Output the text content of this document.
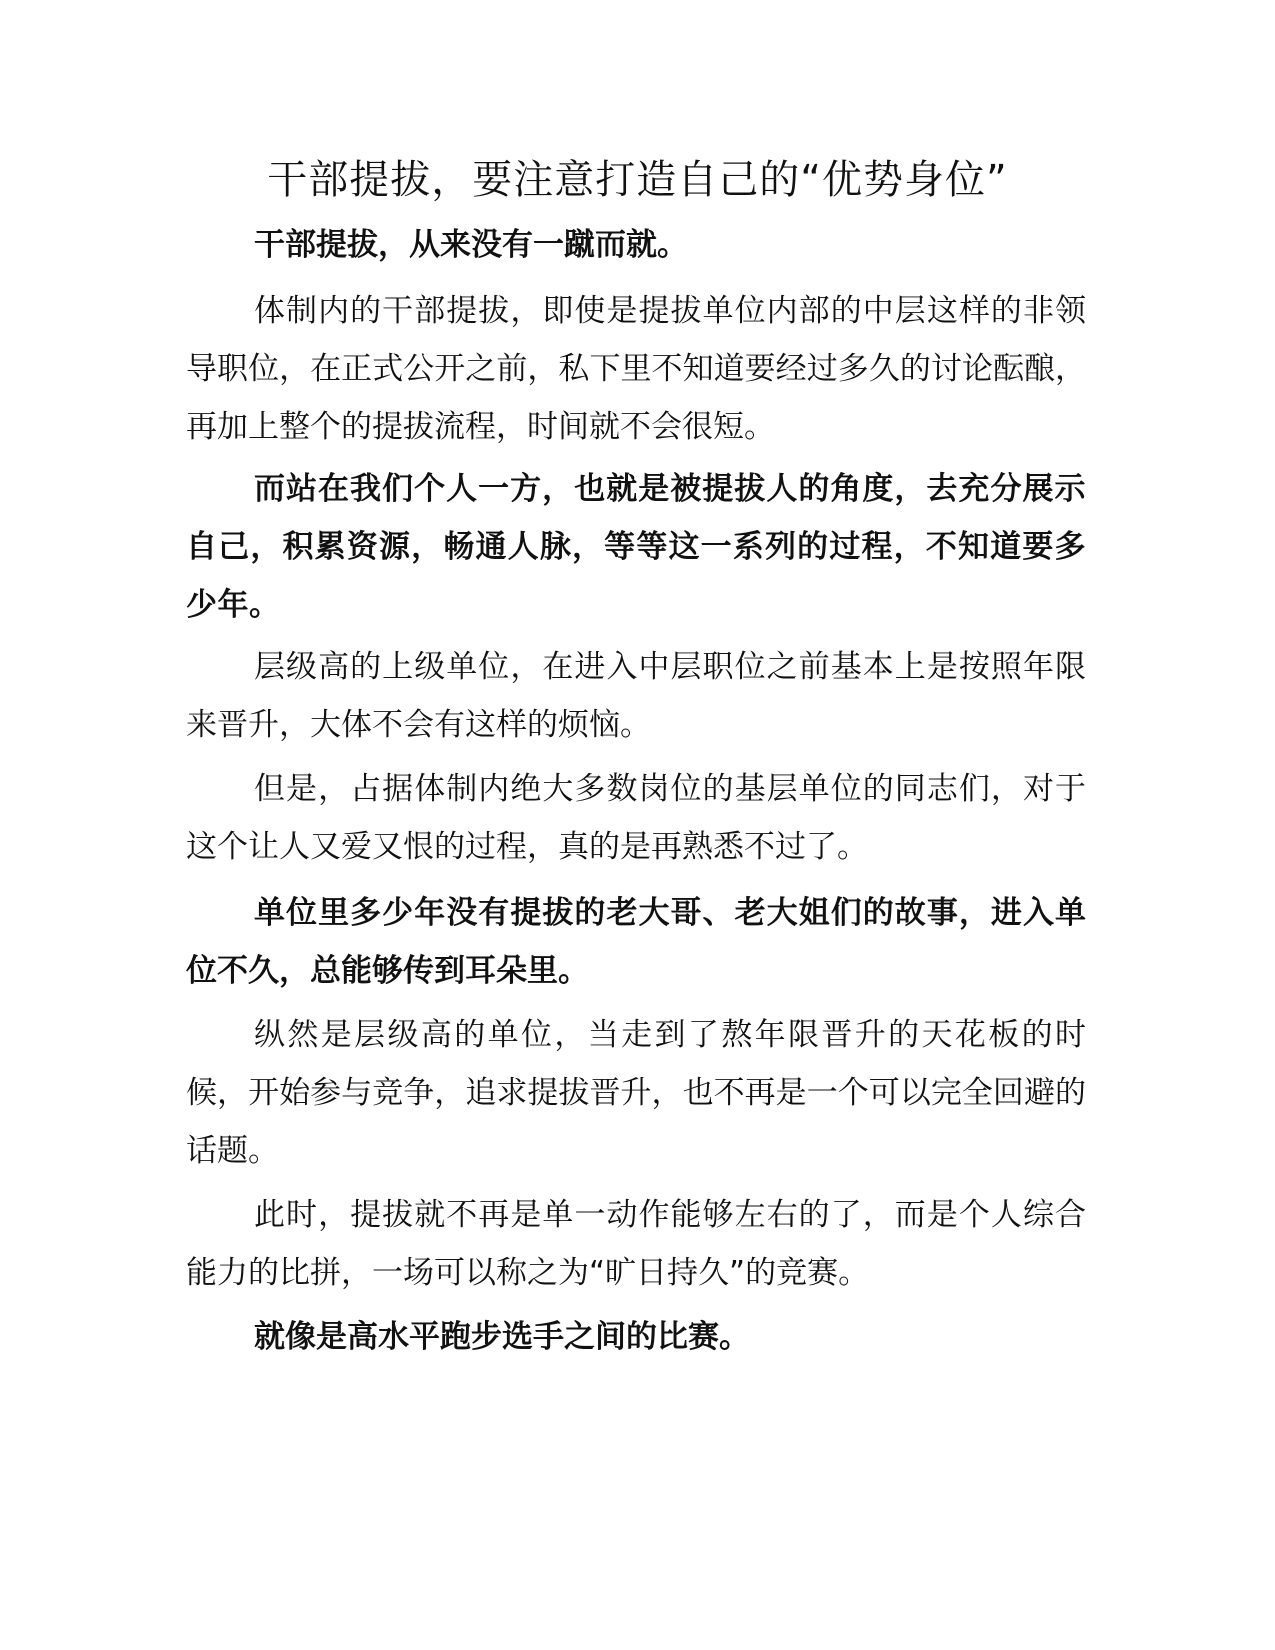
干部提拔，要注意打造自己的“优势身位”

干部提拔，从来没有一蹴而就。

体制内的干部提拔，即使是提拔单位内部的中层这样的非领导职位，在正式公开之前，私下里不知道要经过多久的讨论酝酿，再加上整个的提拔流程，时间就不会很短。

而站在我们个人一方，也就是被提拔人的角度，去充分展示自己，积累资源，畅通人脉，等等这一系列的过程，不知道要多少年。

层级高的上级单位，在进入中层职位之前基本上是按照年限来晋升，大体不会有这样的烦恼。

但是，占据体制内绝大多数岗位的基层单位的同志们，对于这个让人又爱又恨的过程，真的是再熟悉不过了。

单位里多少年没有提拔的老大哥、老大姐们的故事，进入单位不久，总能够传到耳朵里。

纵然是层级高的单位，当走到了熬年限晋升的天花板的时候，开始参与竞争，追求提拔晋升，也不再是一个可以完全回避的话题。

此时，提拔就不再是单一动作能够左右的了，而是个人综合能力的比拼，一场可以称之为“旷日持久”的竞赛。

就像是高水平跑步选手之间的比赛。
